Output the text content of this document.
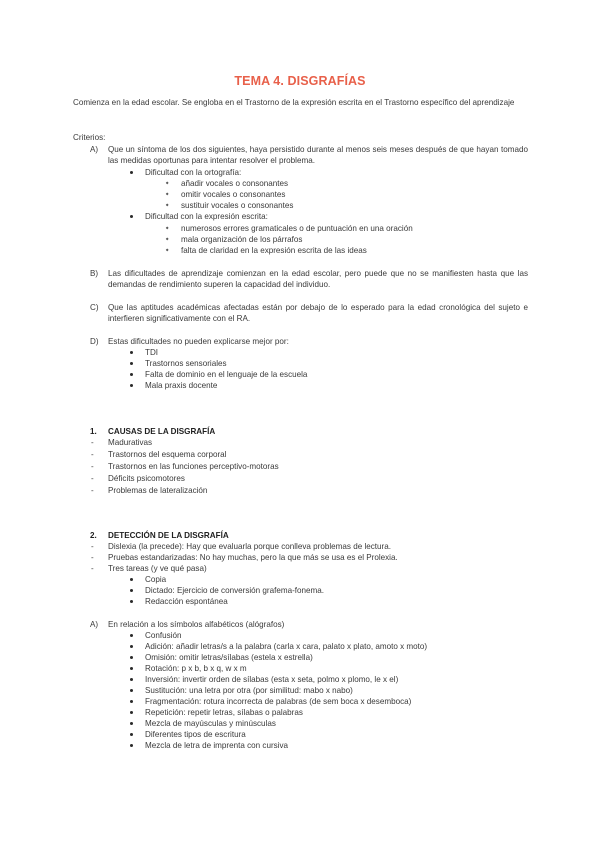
TEMA 4. DISGRAFÍAS
Comienza en la edad escolar. Se engloba en el Trastorno de la expresión escrita en el Trastorno específico del aprendizaje
Criterios:
A) Que un síntoma de los dos siguientes, haya persistido durante al menos seis meses después de que hayan tomado las medidas oportunas para intentar resolver el problema.
Dificultad con la ortografía:
añadir vocales o consonantes
omitir vocales o consonantes
sustituir vocales o consonantes
Dificultad con la expresión escrita:
numerosos errores gramaticales o de puntuación en una oración
mala organización de los párrafos
falta de claridad en la expresión escrita de las ideas
B) Las dificultades de aprendizaje comienzan en la edad escolar, pero puede que no se manifiesten hasta que las demandas de rendimiento superen la capacidad del individuo.
C) Que las aptitudes académicas afectadas están por debajo de lo esperado para la edad cronológica del sujeto e interfieren significativamente con el RA.
D) Estas dificultades no pueden explicarse mejor por:
TDI
Trastornos sensoriales
Falta de dominio en el lenguaje de la escuela
Mala praxis docente
1. CAUSAS DE LA DISGRAFÍA
- Madurativas
- Trastornos del esquema corporal
- Trastornos en las funciones perceptivo-motoras
- Déficits psicomotores
- Problemas de lateralización
2. DETECCIÓN DE LA DISGRAFÍA
- Dislexia (la precede): Hay que evaluarla porque conlleva problemas de lectura.
- Pruebas estandarizadas: No hay muchas, pero la que más se usa es el Prolexia.
- Tres tareas (y ve qué pasa)
Copia
Dictado: Ejercicio de conversión grafema-fonema.
Redacción espontánea
A) En relación a los símbolos alfabéticos (alógrafos)
Confusión
Adición: añadir letras/s a la palabra (carla x cara, palato x plato, amoto x moto)
Omisión: omitir letras/sílabas (estela x estrella)
Rotación: p x b, b x q, w x m
Inversión: invertir orden de sílabas (esta x seta, polmo x plomo, le x el)
Sustitución: una letra por otra (por similitud: mabo x nabo)
Fragmentación: rotura incorrecta de palabras (de sem boca x desemboca)
Repetición: repetir letras, sílabas o palabras
Mezcla de mayúsculas y minúsculas
Diferentes tipos de escritura
Mezcla de letra de imprenta con cursiva
